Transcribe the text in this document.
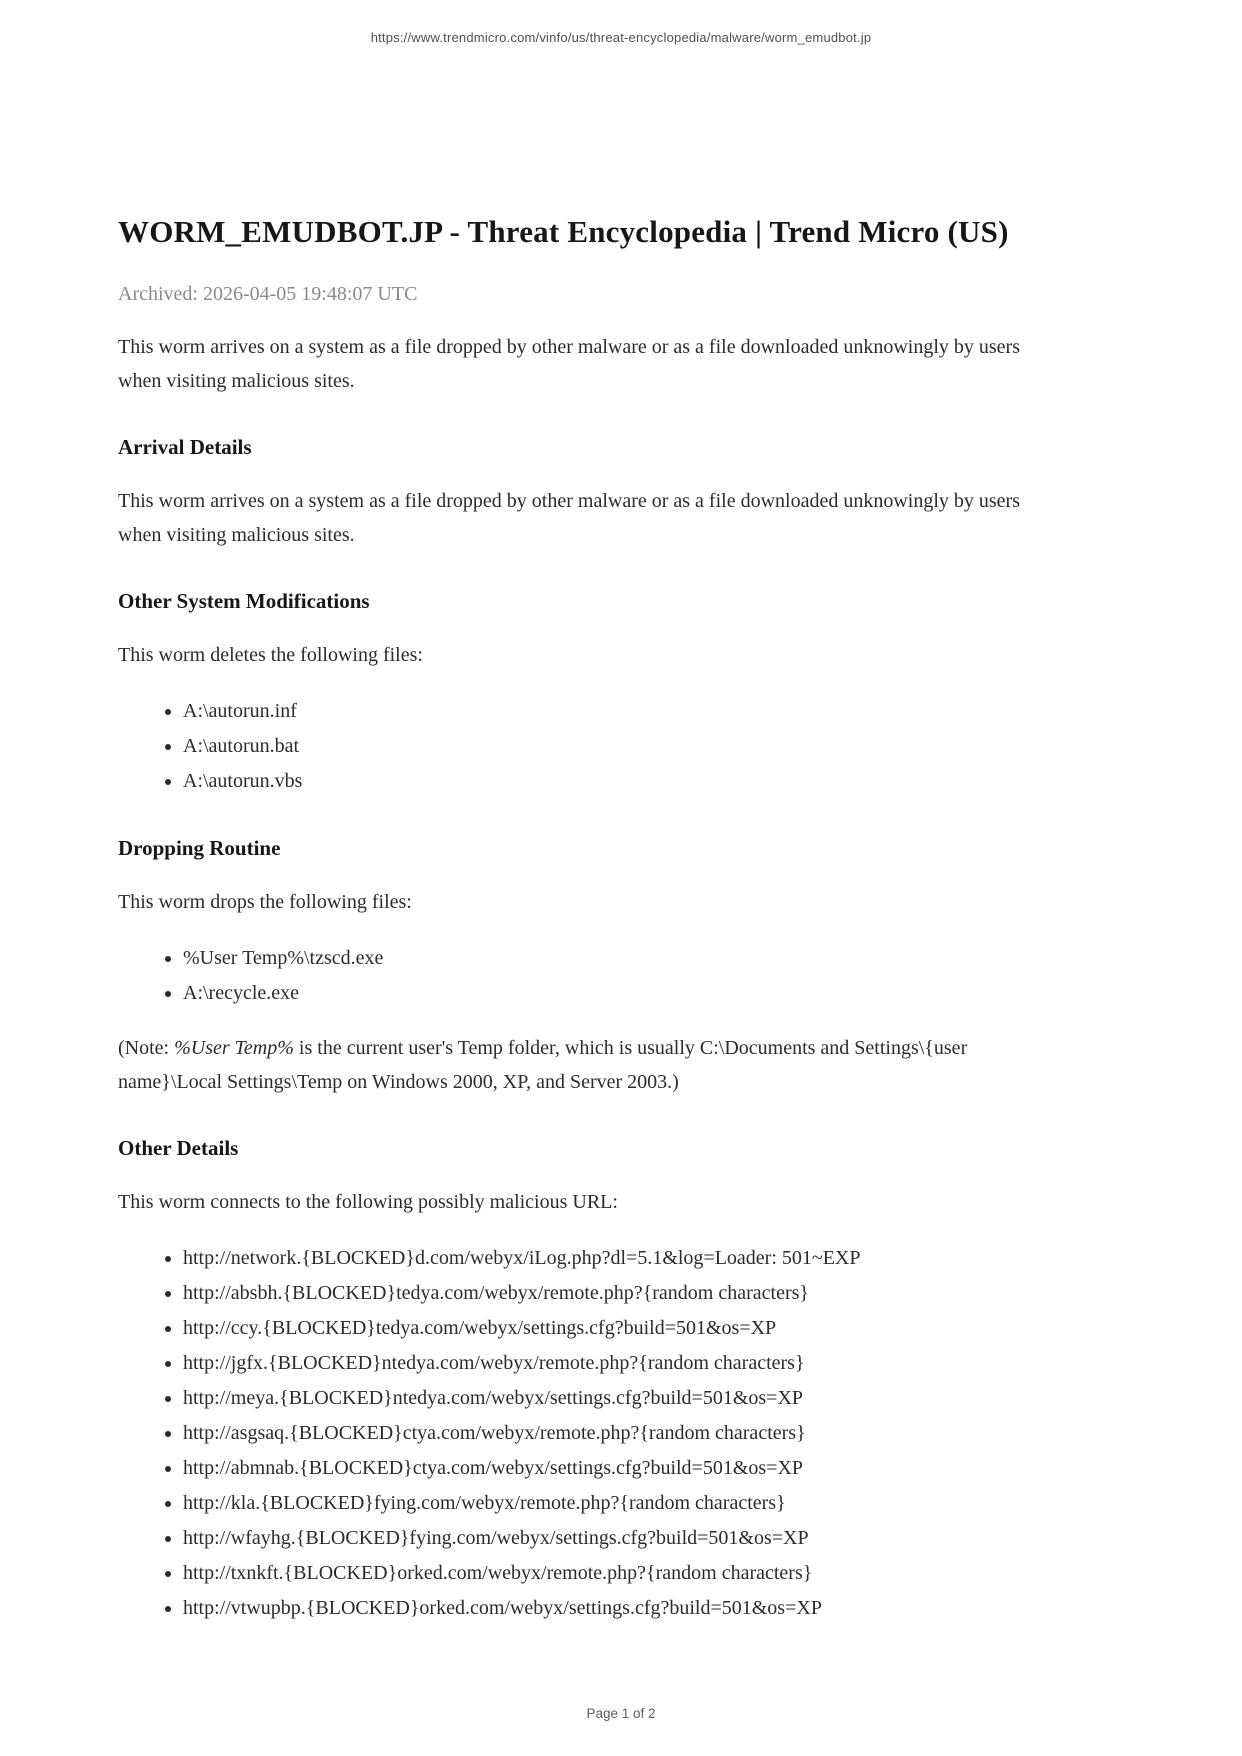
https://www.trendmicro.com/vinfo/us/threat-encyclopedia/malware/worm_emudbot.jp
WORM_EMUDBOT.JP - Threat Encyclopedia | Trend Micro (US)
Archived: 2026-04-05 19:48:07 UTC

This worm arrives on a system as a file dropped by other malware or as a file downloaded unknowingly by users when visiting malicious sites.

Arrival Details

This worm arrives on a system as a file dropped by other malware or as a file downloaded unknowingly by users when visiting malicious sites.

Other System Modifications

This worm deletes the following files:

• A:\autorun.inf
• A:\autorun.bat
• A:\autorun.vbs
Dropping Routine

This worm drops the following files:

• %User Temp%\tzscd.exe
• A:\recycle.exe

(Note: %User Temp% is the current user's Temp folder, which is usually C:\Documents and Settings\{user name}\Local Settings\Temp on Windows 2000, XP, and Server 2003.)

Other Details

This worm connects to the following possibly malicious URL:

• http://network.{BLOCKED}d.com/webyx/iLog.php?dl=5.1&log=Loader: 501~EXP
• http://absbh.{BLOCKED}tedya.com/webyx/remote.php?{random characters}
• http://ccy.{BLOCKED}tedya.com/webyx/settings.cfg?build=501&os=XP
• http://jgfx.{BLOCKED}ntedya.com/webyx/remote.php?{random characters}
• http://meya.{BLOCKED}ntedya.com/webyx/settings.cfg?build=501&os=XP
• http://asgsaq.{BLOCKED}ctya.com/webyx/remote.php?{random characters}
• http://abmnab.{BLOCKED}ctya.com/webyx/settings.cfg?build=501&os=XP
• http://kla.{BLOCKED}fying.com/webyx/remote.php?{random characters}
• http://wfayhg.{BLOCKED}fying.com/webyx/settings.cfg?build=501&os=XP
• http://txnkft.{BLOCKED}orked.com/webyx/remote.php?{random characters}
• http://vtwupbp.{BLOCKED}orked.com/webyx/settings.cfg?build=501&os=XP
Page 1 of 2
